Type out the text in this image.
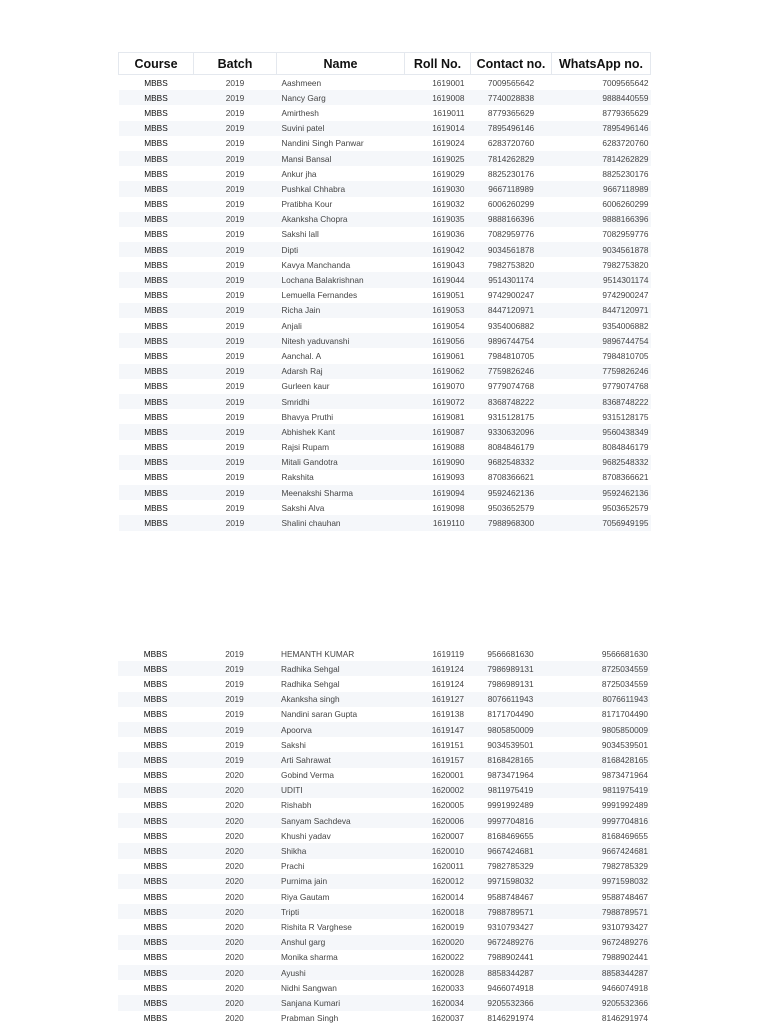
Course	Batch	Name	Roll No.	Contact no.	WhatsApp no.
MBBS	2019	Aashmeen	1619001	7009565642	7009565642
MBBS	2019	Nancy Garg	1619008	7740028838	9888440559
MBBS	2019	Amirthesh	1619011	8779365629	8779365629
MBBS	2019	Suvini patel	1619014	7895496146	7895496146
MBBS	2019	Nandini Singh Panwar	1619024	6283720760	6283720760
MBBS	2019	Mansi Bansal	1619025	7814262829	7814262829
MBBS	2019	Ankur jha	1619029	8825230176	8825230176
MBBS	2019	Pushkal Chhabra	1619030	9667118989	9667118989
MBBS	2019	Pratibha Kour	1619032	6006260299	6006260299
MBBS	2019	Akanksha Chopra	1619035	9888166396	9888166396
MBBS	2019	Sakshi lall	1619036	7082959776	7082959776
MBBS	2019	Dipti	1619042	9034561878	9034561878
MBBS	2019	Kavya Manchanda	1619043	7982753820	7982753820
MBBS	2019	Lochana Balakrishnan	1619044	9514301174	9514301174
MBBS	2019	Lemuella Fernandes	1619051	9742900247	9742900247
MBBS	2019	Richa Jain	1619053	8447120971	8447120971
MBBS	2019	Anjali	1619054	9354006882	9354006882
MBBS	2019	Nitesh yaduvanshi	1619056	9896744754	9896744754
MBBS	2019	Aanchal. A	1619061	7984810705	7984810705
MBBS	2019	Adarsh Raj	1619062	7759826246	7759826246
MBBS	2019	Gurleen kaur	1619070	9779074768	9779074768
MBBS	2019	Smridhi	1619072	8368748222	8368748222
MBBS	2019	Bhavya Pruthi	1619081	9315128175	9315128175
MBBS	2019	Abhishek Kant	1619087	9330632096	9560438349
MBBS	2019	Rajsi Rupam	1619088	8084846179	8084846179
MBBS	2019	Mitali Gandotra	1619090	9682548332	9682548332
MBBS	2019	Rakshita	1619093	8708366621	8708366621
MBBS	2019	Meenakshi Sharma	1619094	9592462136	9592462136
MBBS	2019	Sakshi Alva	1619098	9503652579	9503652579
MBBS	2019	Shalini chauhan	1619110	7988968300	7056949195
MBBS	2019	HEMANTH KUMAR	1619119	9566681630	9566681630
MBBS	2019	Radhika Sehgal	1619124	7986989131	8725034559
MBBS	2019	Radhika Sehgal	1619124	7986989131	8725034559
MBBS	2019	Akanksha singh	1619127	8076611943	8076611943
MBBS	2019	Nandini saran Gupta	1619138	8171704490	8171704490
MBBS	2019	Apoorva	1619147	9805850009	9805850009
MBBS	2019	Sakshi	1619151	9034539501	9034539501
MBBS	2019	Arti Sahrawat	1619157	8168428165	8168428165
MBBS	2020	Gobind Verma	1620001	9873471964	9873471964
MBBS	2020	UDITI	1620002	9811975419	9811975419
MBBS	2020	Rishabh	1620005	9991992489	9991992489
MBBS	2020	Sanyam Sachdeva	1620006	9997704816	9997704816
MBBS	2020	Khushi yadav	1620007	8168469655	8168469655
MBBS	2020	Shikha	1620010	9667424681	9667424681
MBBS	2020	Prachi	1620011	7982785329	7982785329
MBBS	2020	Purnima jain	1620012	9971598032	9971598032
MBBS	2020	Riya Gautam	1620014	9588748467	9588748467
MBBS	2020	Tripti	1620018	7988789571	7988789571
MBBS	2020	Rishita R Varghese	1620019	9310793427	9310793427
MBBS	2020	Anshul garg	1620020	9672489276	9672489276
MBBS	2020	Monika sharma	1620022	7988902441	7988902441
MBBS	2020	Ayushi	1620028	8858344287	8858344287
MBBS	2020	Nidhi Sangwan	1620033	9466074918	9466074918
MBBS	2020	Sanjana Kumari	1620034	9205532366	9205532366
MBBS	2020	Prabman Singh	1620037	8146291974	8146291974
